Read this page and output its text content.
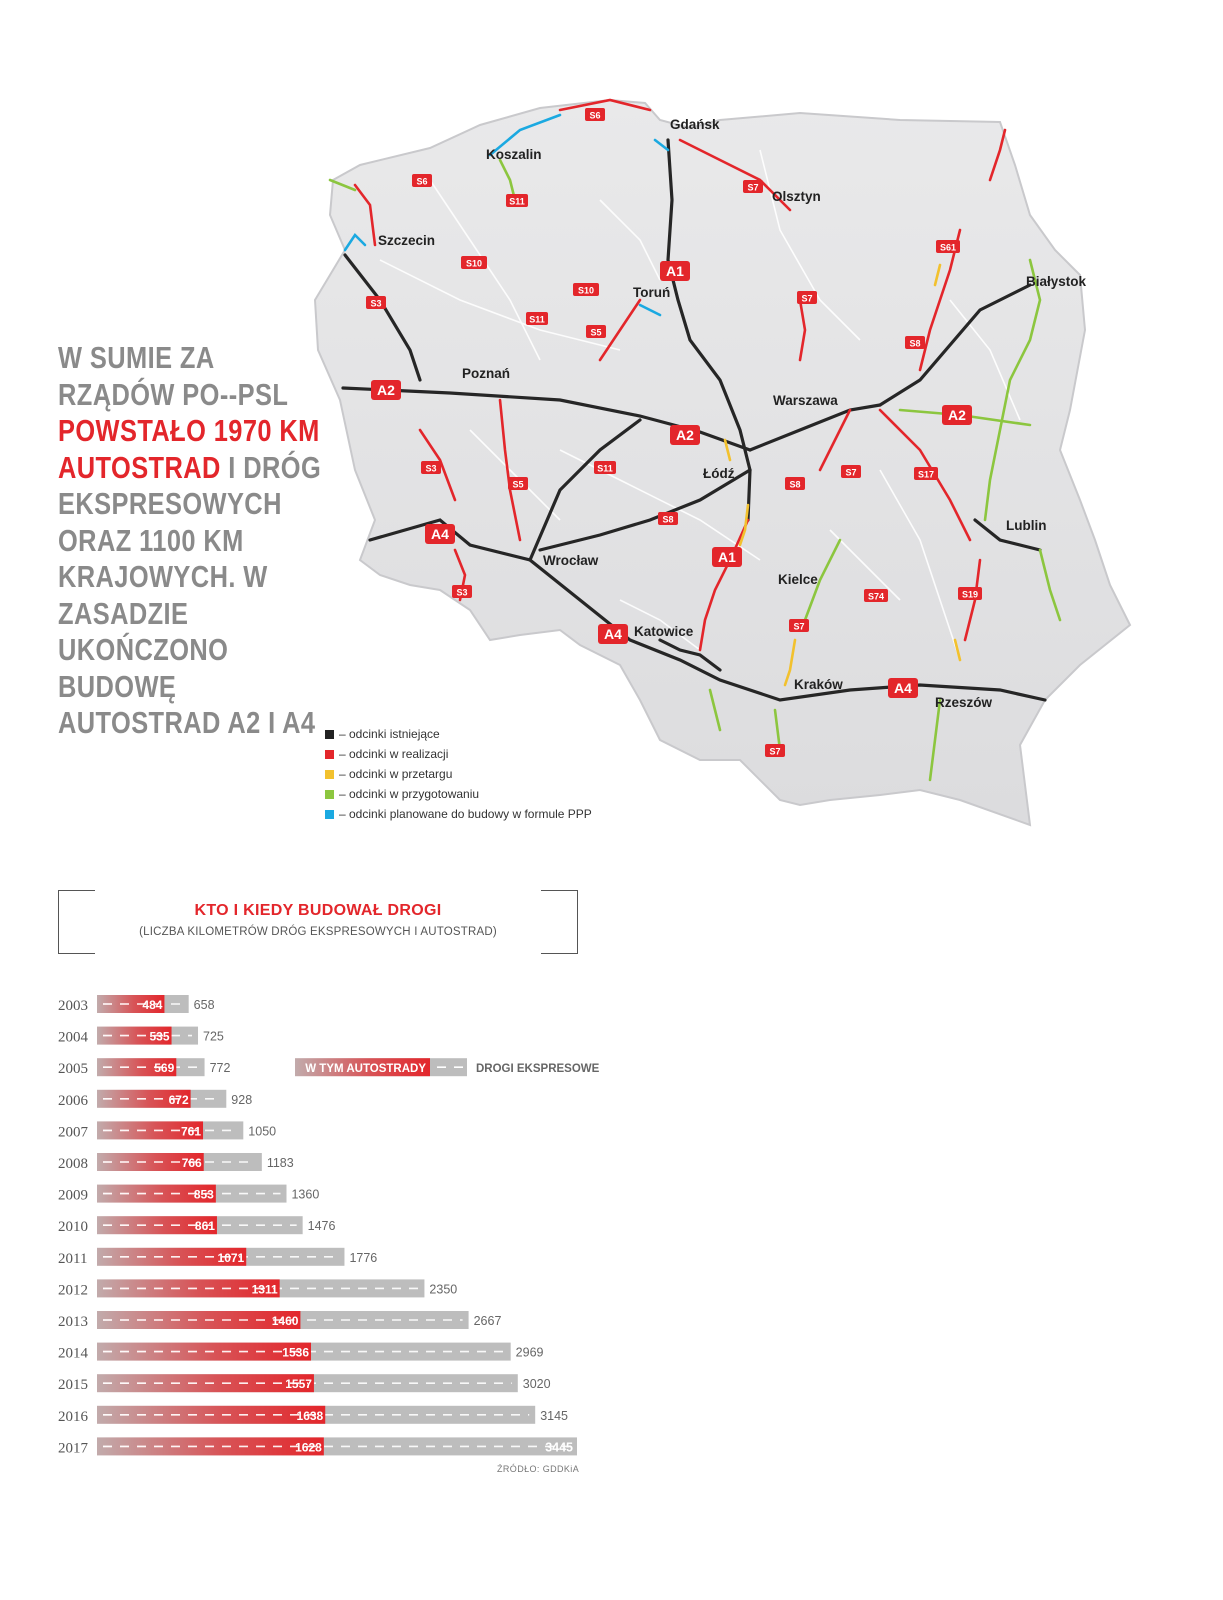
W SUMIE ZA RZĄDÓW PO--PSL POWSTAŁO 1970 KM AUTOSTRAD I DRÓG EKSPRESOWYCH ORAZ 1100 KM KRAJOWYCH. W ZASADZIE UKOŃCZONO BUDOWĘ AUTOSTRAD A2 I A4
S6
S6
S11
S7
S61
S10
S10
A1
S3
S11
S5
S7
S8
A2
A2
A2
S3	S11
S5
S7	S17
S8
S8
A4
A1
S3	S74	S19
A4	S7
A4
S7
Gdańsk
Koszalin
Olsztyn
Szczecin
Toruń
Białystok
Poznań
Warszawa
Łódź
Lublin
Wrocław
Kielce
Katowice
Kraków
Rzeszów
– odcinki istniejące
– odcinki w realizacji
– odcinki w przetargu
– odcinki w przygotowaniu
– odcinki planowane do budowy w formule PPP
KTO I KIEDY BUDOWAŁ DROGI
(LICZBA KILOMETRÓW DRÓG EKSPRESOWYCH I AUTOSTRAD)
2003	484 658
2004	535	725
2005	569	772
2006	672	928
2007	761	1050
2008	766	1183
2009	853	1360
2010	861	1476
2011	1071	1776
2012	1311	2350
2013	1460	2667
2014	1536	2969
2015	1557	3020
2016	1638	3145
2017	1628	3445
W TYM AUTOSTRADY	DROGI EKSPRESOWE
ŹRÓDŁO: GDDKiA
